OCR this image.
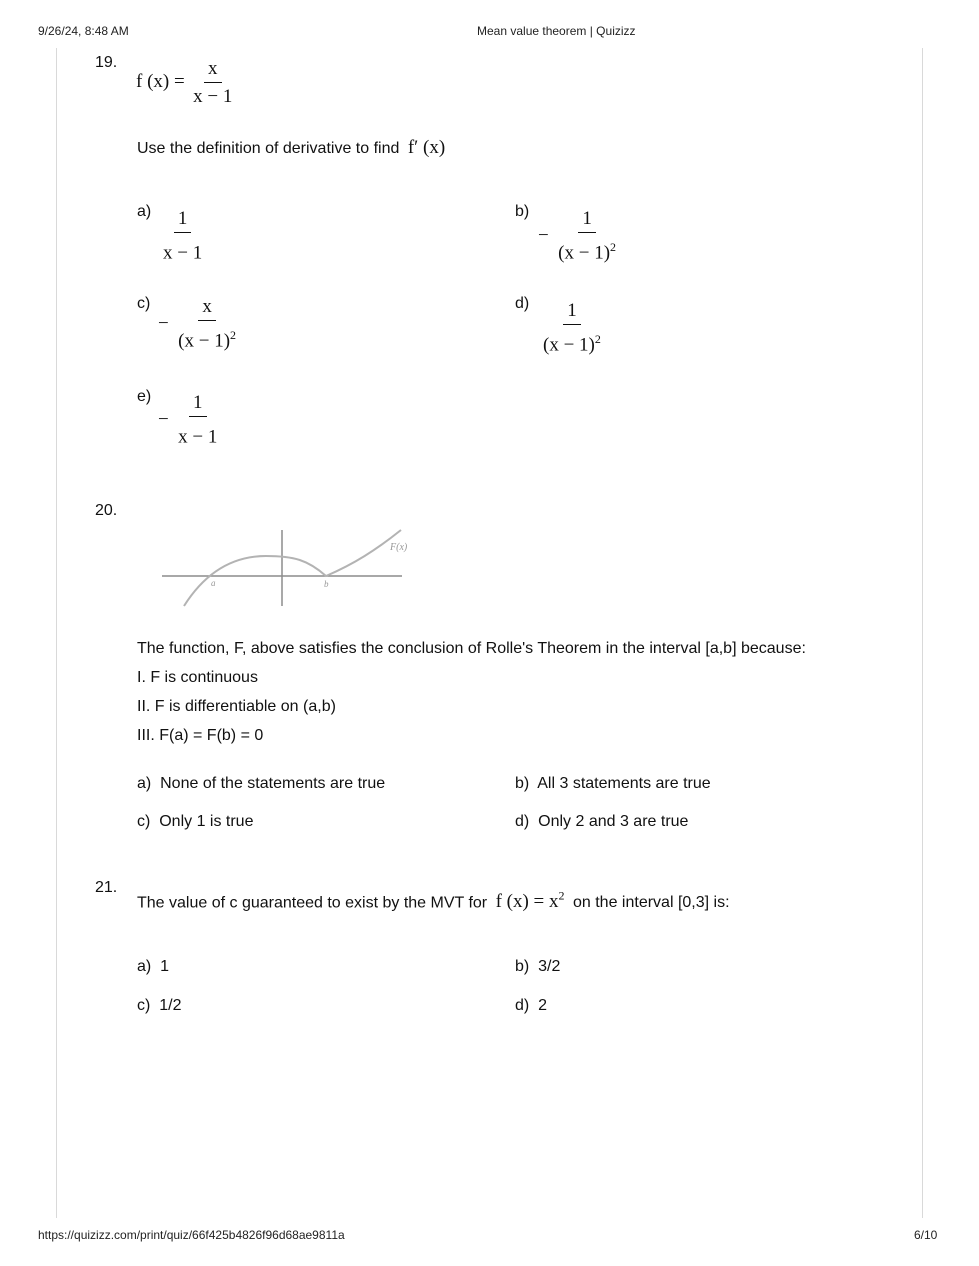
9/26/24, 8:48 AM	Mean value theorem | Quizizz
https://quizizz.com/print/quiz/66f425b4826f96d68ae9811a	6/10
19.
f $(x) = \frac{x}{x - 1}$
Use the definition of derivative to find f′ (x)
$a) \frac{1}{x - 1}$	b)
− $\frac{1}{(x - 1)^2}$
c)
− $\frac{x}{(x - 1)^2}$	$d) \frac{1}{(x - 1)^2}$
e)
− $\frac{1}{x - 1}$
20.
F(x)
a	b
The function, F, above satisfies the conclusion of Rolle's Theorem in the interval [a,b] because:
I. F is continuous
II. F is differentiable on (a,b)
III. F(a) = F(b) = 0
a) None of the statements are true	b) All 3 statements are true
c) Only 1 is true	d) Only 2 and 3 are true
21.
The value of c guaranteed to exist by the MVT for f $(x) = x^2$ on the interval [0,3] is:
a) 1	b) 3/2
c) 1/2	d) 2
